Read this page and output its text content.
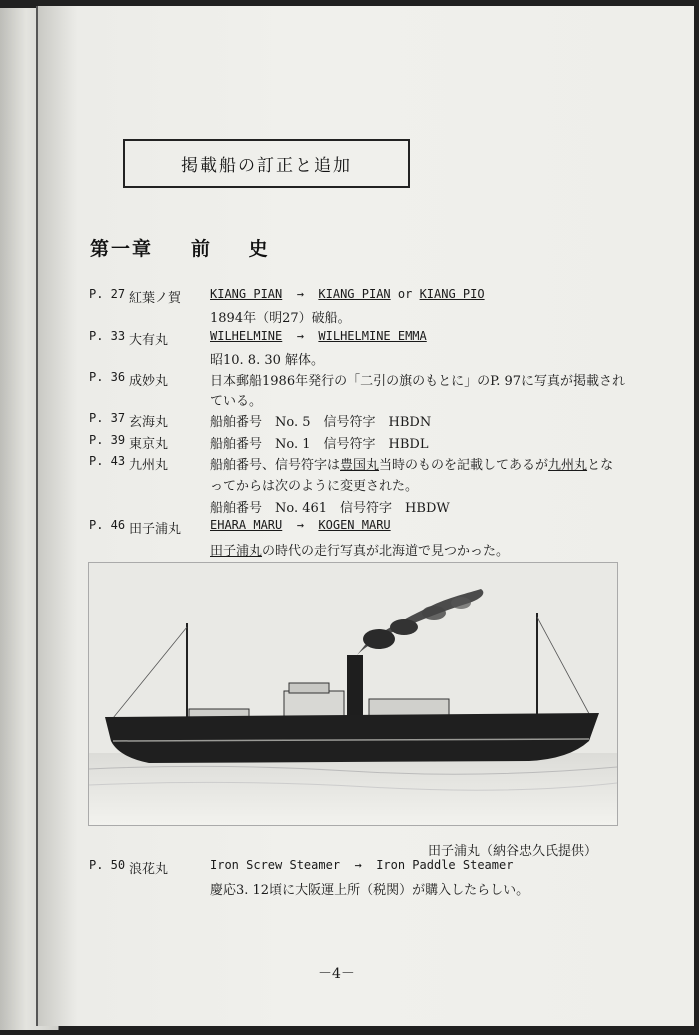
掲載船の訂正と追加
第一章 前 史
P. 27 紅葉ノ賀 KIANG PIAN → KIANG PIAN or KIANG PIO
1894年（明27）破船。
P. 33 大有丸	WILHELMINE → WILHELMINE EMMA
昭10. 8. 30 解体。
P. 36 成妙丸	日本郵船1986年発行の「二引の旗のもとに」のP. 97に写真が掲載され
ている。
P. 37 玄海丸	船舶番号　No. 5　信号符字　HBDN
P. 39 東京丸	船舶番号　No. 1　信号符字　HBDL
P. 43 九州丸	船舶番号、信号符字は豊国丸当時のものを記載してあるが九州丸とな
ってからは次のように変更された。
船舶番号　No. 461　信号符字　HBDW
P. 46 田子浦丸 EHARA MARU → KOGEN MARU
田子浦丸の時代の走行写真が北海道で見つかった。
田子浦丸（納谷忠久氏提供）
P. 50 浪花丸	Iron Screw Steamer → Iron Paddle Steamer
慶応3. 12頃に大阪運上所（税関）が購入したらしい。
－4－
